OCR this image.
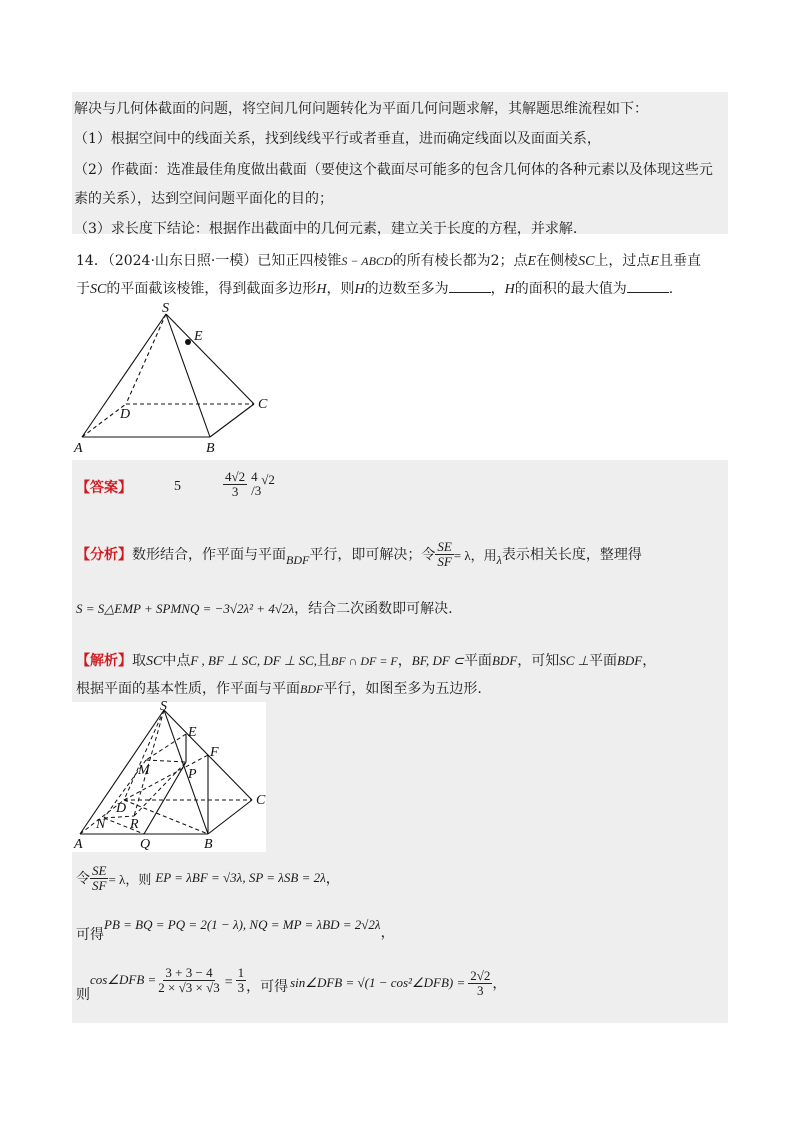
解决与几何体截面的问题，将空间几何问题转化为平面几何问题求解，其解题思维流程如下：
（1）根据空间中的线面关系，找到线线平行或者垂直，进而确定线面以及面面关系，
（2）作截面：选准最佳角度做出截面（要使这个截面尽可能多的包含几何体的各种元素以及体现这些元
素的关系），达到空间问题平面化的目的；
（3）求长度下结论：根据作出截面中的几何元素，建立关于长度的方程，并求解.
14．（2024·山东日照·一模）已知正四棱锥S − ABCD的所有棱长都为2；点E在侧棱SC上，过点E且垂直
于SC的平面截该棱锥，得到截面多边形H，则H的边数至多为	，H的面积的最大值为	.
S
E
C
D
A	B
【答案】	5	$\frac{4√2}{3} 4$
/3
√2
【分析】 数形结合，作平面与平面 BDF 平行，即可解决；令 $\frac{SE}{SF} = \lambda$，用 λ 表示相关长度，整理得
S = S△EMP + SPMNQ = −3√2λ² + 4√2λ，结合二次函数即可解决.
【解析】取SC中点F , BF ⊥ SC, DF ⊥ SC,且BF ∩ DF = F，BF, DF ⊂平面BDF，可知SC ⊥平面BDF，
根据平面的基本性质，作平面与平面BDF平行，如图至多为五边形.
S
E
F
M	P
D
R
N
A	Q	B
C
令 $\frac{SE}{SF} = \lambda$，则 EP = λBF = √3λ, SP = λSB = 2λ ，
可得PB = BQ = PQ = 2(1 − λ), NQ = MP = λBD = 2√2λ，
则
cos∠DFB = $\frac{3 + 3 - 4}{2 \times √3 \times √3} = \frac{1}{3}$ ，可得 sin∠DFB = √(1 − cos²∠DFB) = $\frac{2√2}{3}$ ，
